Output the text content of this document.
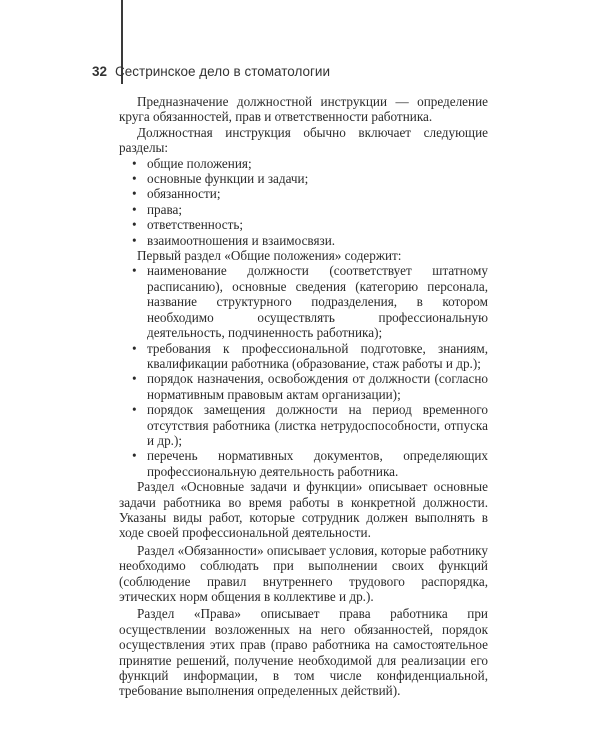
32 Сестринское дело в стоматологии

Предназначение должностной инструкции — определение круга обязанностей, прав и ответственности работника.

Должностная инструкция обычно включает следующие разделы:

• общие положения;
• основные функции и задачи;
• обязанности;
• права;
• ответственность;
• взаимоотношения и взаимосвязи.

Первый раздел «Общие положения» содержит:

• наименование должности (соответствует штатному расписанию), основные сведения (категорию персонала, название структурного подразделения, в котором необходимо осуществлять профессиональную деятельность, подчиненность работника);
• требования к профессиональной подготовке, знаниям, квалификации работника (образование, стаж работы и др.);
• порядок назначения, освобождения от должности (согласно нормативным правовым актам организации);
• порядок замещения должности на период временного отсутствия работника (листка нетрудоспособности, отпуска и др.);
• перечень нормативных документов, определяющих профессиональную деятельность работника.

Раздел «Основные задачи и функции» описывает основные задачи работника во время работы в конкретной должности. Указаны виды работ, которые сотрудник должен выполнять в ходе своей профессиональной деятельности.

Раздел «Обязанности» описывает условия, которые работнику необходимо соблюдать при выполнении своих функций (соблюдение правил внутреннего трудового распорядка, этических норм общения в коллективе и др.).

Раздел «Права» описывает права работника при осуществлении возложенных на него обязанностей, порядок осуществления этих прав (право работника на самостоятельное принятие решений, получение необходимой для реализации его функций информации, в том числе конфиденциальной, требование выполнения определенных действий).
